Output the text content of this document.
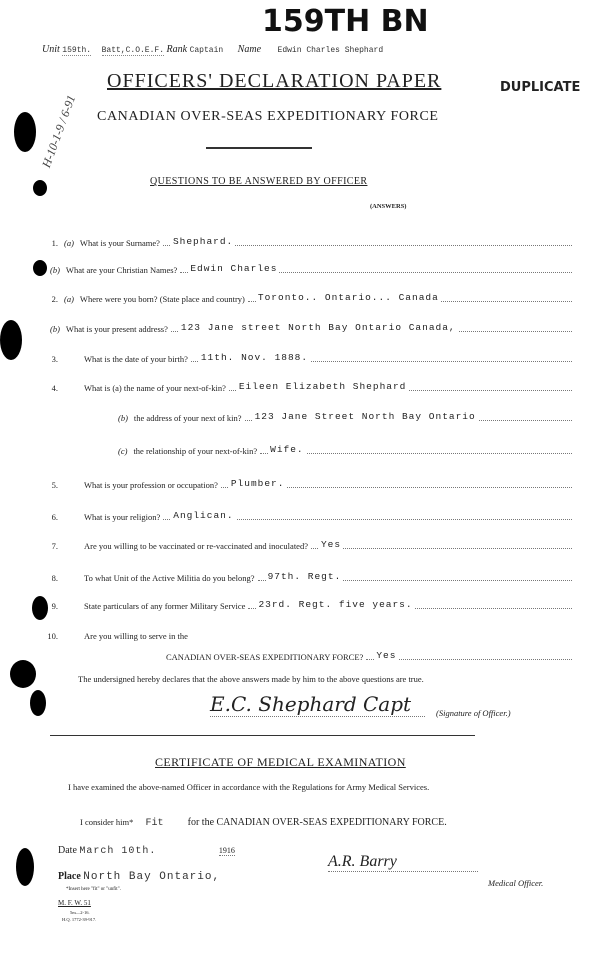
Unit 159th. Batt,C.O.E.F. Rank Captain Name Edwin Charles Shephard
159TH BN
H-10-1-9 / 6-91
OFFICERS' DECLARATION PAPER	DUPLICATE
CANADIAN OVER-SEAS EXPEDITIONARY FORCE
QUESTIONS TO BE ANSWERED BY OFFICER
(ANSWERS)
1. (a) What is your Surname? Shephard.
(b) What are your Christian Names? Edwin Charles
2. (a) Where were you born? (State place and country) Toronto.. Ontario... Canada
(b) What is your present address? 123 Jane street North Bay Ontario Canada,
3.	What is the date of your birth? 11th. Nov. 1888.
4.	What is (a) the name of your next-of-kin? Eileen Elizabeth Shephard
(b) the address of your next of kin? 123 Jane Street North Bay Ontario
(c) the relationship of your next-of-kin? Wife.
5.	What is your profession or occupation? Plumber.
6.	What is your religion? Anglican.
7.	Are you willing to be vaccinated or re-vaccinated and inoculated? Yes
8.	To what Unit of the Active Militia do you belong? 97th. Regt.
9.	State particulars of any former Military Service 23rd. Regt. five years.
10.	Are you willing to serve in the
CANADIAN OVER-SEAS EXPEDITIONARY FORCE? Yes
The undersigned hereby declares that the above answers made by him to the above questions are true.
E.C. Shephard Capt	(Signature of Officer.)
CERTIFICATE OF MEDICAL EXAMINATION
I have examined the above-named Officer in accordance with the Regulations for Army Medical Services.
I consider him* Fit for the CANADIAN OVER-SEAS EXPEDITIONARY FORCE.
Date March 10th.	1916
Place North Bay Ontario,
*Insert here "fit" or "unfit".
M. F. W. 51
5m—2-16.
H.Q. 1772-39-917.
A.R. Barry
Medical Officer.
